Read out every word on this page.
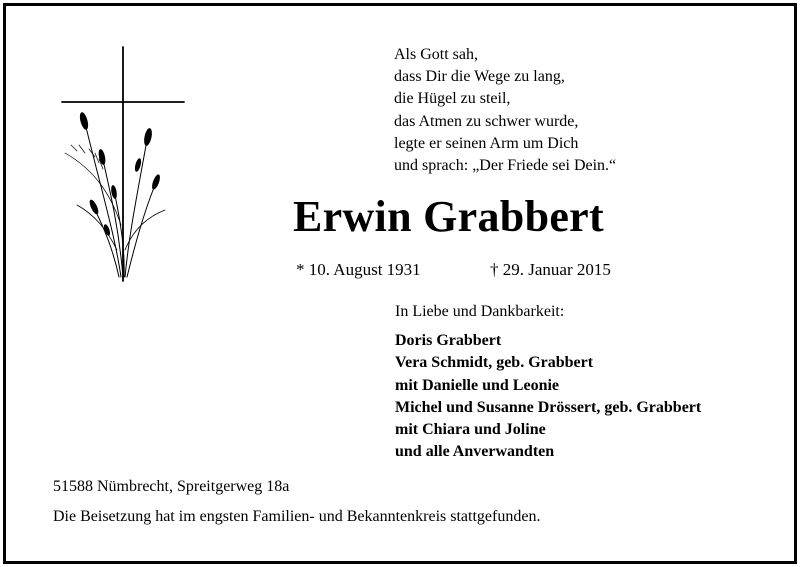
Als Gott sah,
dass Dir die Wege zu lang,
die Hügel zu steil,
das Atmen zu schwer wurde,
legte er seinen Arm um Dich
und sprach: „Der Friede sei Dein.“
Erwin Grabbert
* 10. August 1931	† 29. Januar 2015
In Liebe und Dankbarkeit:
Doris Grabbert
Vera Schmidt, geb. Grabbert
mit Danielle und Leonie
Michel und Susanne Drössert, geb. Grabbert
mit Chiara und Joline
und alle Anverwandten
51588 Nümbrecht, Spreitgerweg 18a
Die Beisetzung hat im engsten Familien- und Bekanntenkreis stattgefunden.
